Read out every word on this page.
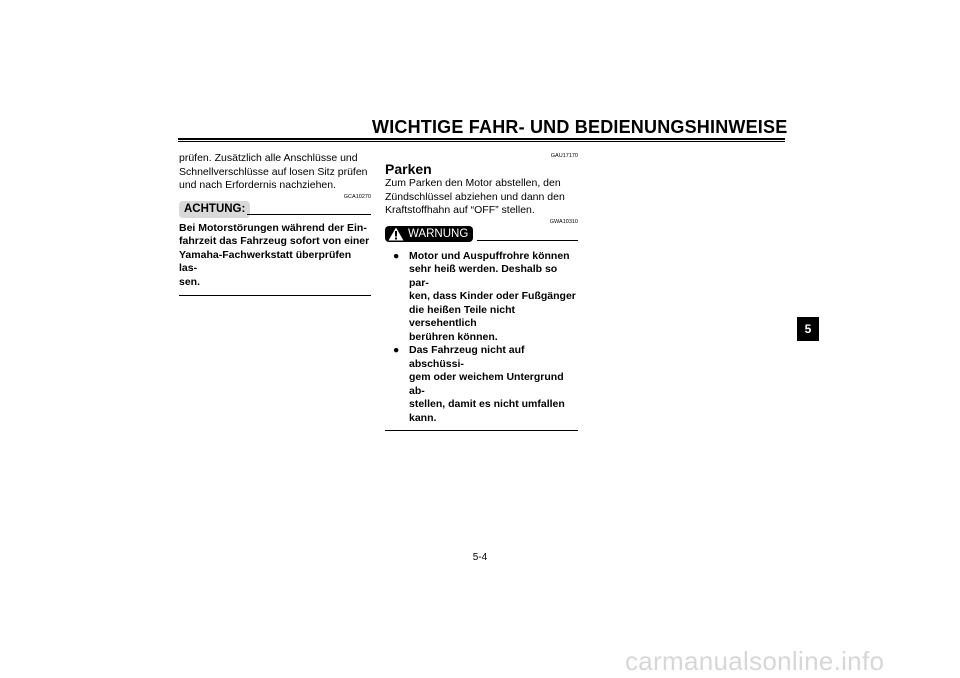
WICHTIGE FAHR- UND BEDIENUNGSHINWEISE
prüfen. Zusätzlich alle Anschlüsse und
Schnellverschlüsse auf losen Sitz prüfen
und nach Erfordernis nachziehen.
GCA10270
ACHTUNG:
Bei Motorstörungen während der Ein-
fahrzeit das Fahrzeug sofort von einer
Yamaha-Fachwerkstatt überprüfen las-
sen.
GAU17170
Parken
Zum Parken den Motor abstellen, den
Zündschlüssel abziehen und dann den
Kraftstoffhahn auf “OFF” stellen.
GWA10310
WARNUNG
● Motor und Auspuffrohre können
sehr heiß werden. Deshalb so par-
ken, dass Kinder oder Fußgänger
die heißen Teile nicht versehentlich
berühren können.
● Das Fahrzeug nicht auf abschüssi-
gem oder weichem Untergrund ab-
stellen, damit es nicht umfallen
kann.
5
5-4
carmanualsonline.info
